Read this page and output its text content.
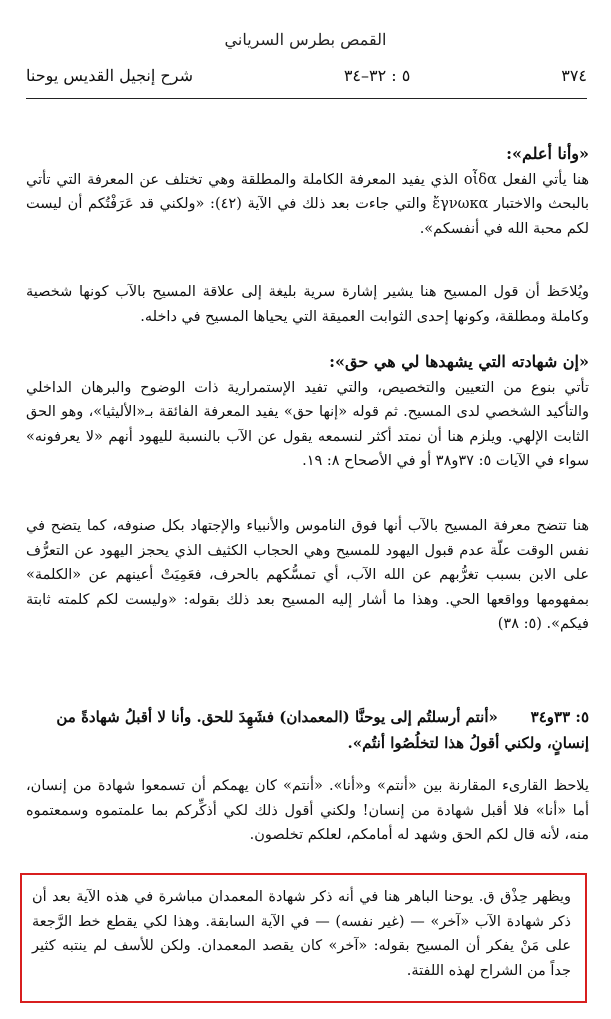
القمص بطرس السرياني
٣٧٤
٥ : ٣٢–٣٤
شرح إنجيل القديس يوحنا

«وأنا أعلم»:
هنا يأتي الفعل οἶδα الذي يفيد المعرفة الكاملة والمطلقة وهي تختلف عن المعرفة التي تأتي بالبحث والاختبار ἔγνωκα والتي جاءت بعد ذلك في الآية (٤٢): «ولكني قد عَرَفْتُكم أن ليست لكم محبة الله في أنفسكم».

ويُلاحَظ أن قول المسيح هنا يشير إشارة سرية بليغة إلى علاقة المسيح بالآب كونها شخصية وكاملة ومطلقة، وكونها إحدى الثوابت العميقة التي يحياها المسيح في داخله.

«إن شهادته التي يشهدها لي هي حق»:
تأتي بنوع من التعيين والتخصيص، والتي تفيد الإستمرارية ذات الوضوح والبرهان الداخلي والتأكيد الشخصي لدى المسيح. ثم قوله «إنها حق» يفيد المعرفة الفائقة بـ«الأليثيا»، وهو الحق الثابت الإلهي. ويلزم هنا أن نمتد أكثر لنسمعه يقول عن الآب بالنسبة لليهود أنهم «لا يعرفونه» سواء في الآيات ٥: ٣٧و٣٨ أو في الأصحاح ٨: ١٩.

هنا تتضح معرفة المسيح بالآب أنها فوق الناموس والأنبياء والإجتهاد بكل صنوفه، كما يتضح في نفس الوقت علّة عدم قبول اليهود للمسيح وهي الحجاب الكثيف الذي يحجز اليهود عن التعرُّف على الابن بسبب تغرُّبهم عن الله الآب، أي تمسُّكهم بالحرف، فعَمِيَتْ أعينهم عن «الكلمة» بمفهومها وواقعها الحي. وهذا ما أشار إليه المسيح بعد ذلك بقوله: «وليست لكم كلمته ثابتة فيكم». (٥: ٣٨)

٥: ٣٣و٣٤ «أنتم أرسلتُم إلى يوحنَّا (المعمدان) فشَهِدَ للحق. وأنا لا أقبلُ شهادةً من إنسانٍ، ولكني أقولُ هذا لتخلُصُوا أنتُم».

يلاحظ القارىء المقارنة بين «أنتم» و«أنا». «أنتم» كان يهمكم أن تسمعوا شهادة من إنسان، أما «أنا» فلا أقبل شهادة من إنسان! ولكني أقول ذلك لكي أذكِّركم بما علمتموه وسمعتموه منه، لأنه قال لكم الحق وشهد له أمامكم، لعلكم تخلصون.

ويظهر حِذْق ق. يوحنا الباهر هنا في أنه ذكر شهادة المعمدان مباشرة في هذه الآية بعد أن ذكر شهادة الآب «آخر» — (غير نفسه) — في الآية السابقة. وهذا لكي يقطع خط الرَّجعة على مَنْ يفكر أن المسيح بقوله: «آخر» كان يقصد المعمدان. ولكن للأسف لم ينتبه كثير جداً من الشراح لهذه اللفتة.
